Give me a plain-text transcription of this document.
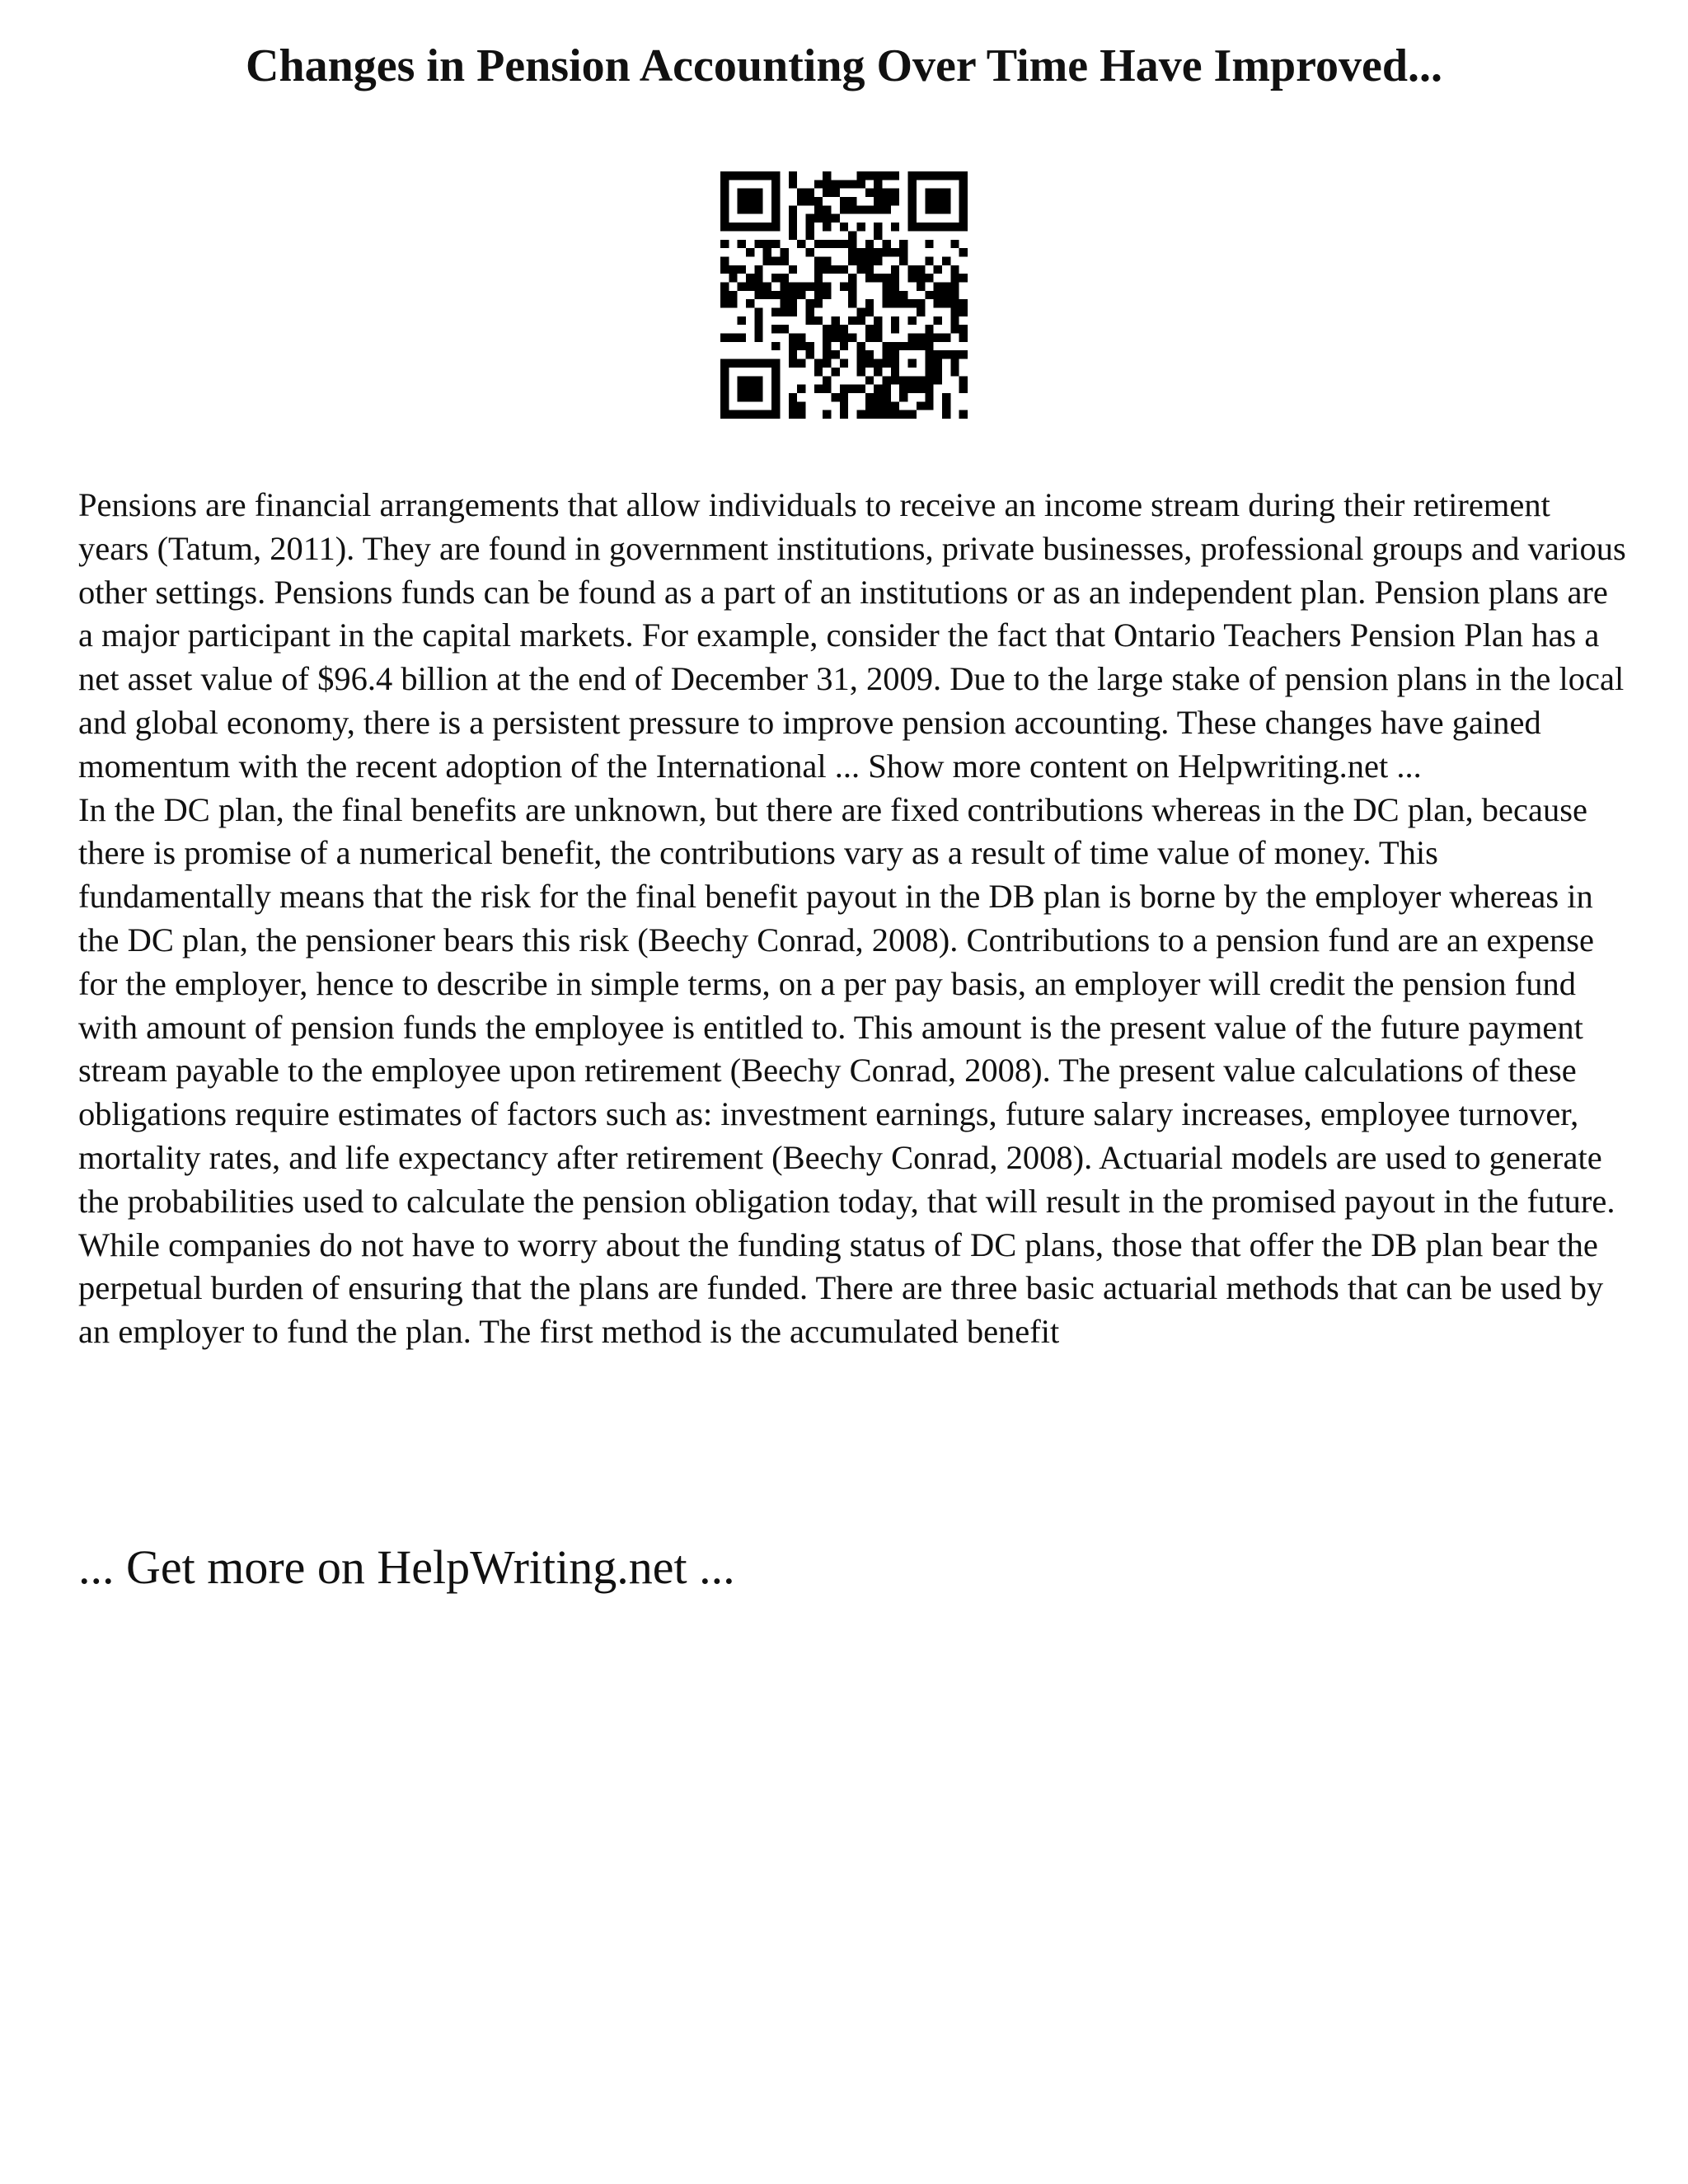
Changes in Pension Accounting Over Time Have Improved...

Pensions are financial arrangements that allow individuals to receive an income stream during their retirement years (Tatum, 2011). They are found in government institutions, private businesses, professional groups and various other settings. Pensions funds can be found as a part of an institutions or as an independent plan. Pension plans are a major participant in the capital markets. For example, consider the fact that Ontario Teachers Pension Plan has a net asset value of $96.4 billion at the end of December 31, 2009. Due to the large stake of pension plans in the local and global economy, there is a persistent pressure to improve pension accounting. These changes have gained momentum with the recent adoption of the International ... Show more content on Helpwriting.net ...

In the DC plan, the final benefits are unknown, but there are fixed contributions whereas in the DC plan, because there is promise of a numerical benefit, the contributions vary as a result of time value of money. This fundamentally means that the risk for the final benefit payout in the DB plan is borne by the employer whereas in the DC plan, the pensioner bears this risk (Beechy Conrad, 2008). Contributions to a pension fund are an expense for the employer, hence to describe in simple terms, on a per pay basis, an employer will credit the pension fund with amount of pension funds the employee is entitled to. This amount is the present value of the future payment stream payable to the employee upon retirement (Beechy Conrad, 2008). The present value calculations of these obligations require estimates of factors such as: investment earnings, future salary increases, employee turnover, mortality rates, and life expectancy after retirement (Beechy Conrad, 2008). Actuarial models are used to generate the probabilities used to calculate the pension obligation today, that will result in the promised payout in the future. While companies do not have to worry about the funding status of DC plans, those that offer the DB plan bear the perpetual burden of ensuring that the plans are funded. There are three basic actuarial methods that can be used by an employer to fund the plan. The first method is the accumulated benefit

... Get more on HelpWriting.net ...
